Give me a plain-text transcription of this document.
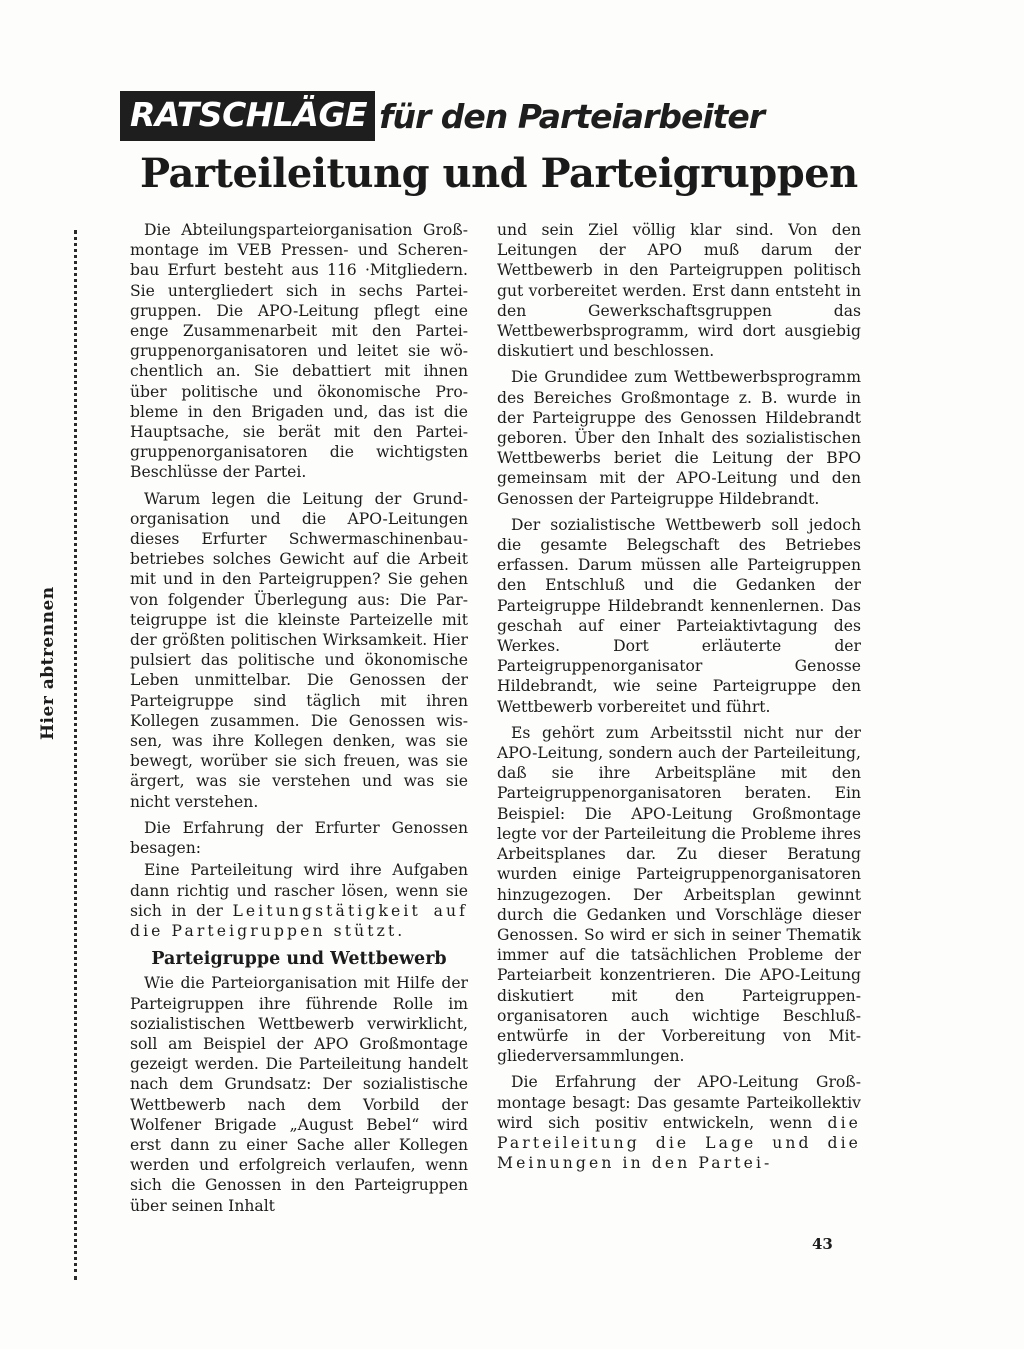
Hier abtrennen
RATSCHLÄGE für den Parteiarbeiter
Parteileitung und Parteigruppen

Die Abteilungsparteiorganisation Großmontage im VEB Pressen- und Scherenbau Erfurt besteht aus 116 ·Mitgliedern. Sie untergliedert sich in sechs Parteigruppen. Die APO-Leitung pflegt eine enge Zusammenarbeit mit den Parteigruppenorganisatoren und leitet sie wöchentlich an. Sie debattiert mit ihnen über politische und ökonomische Probleme in den Brigaden und, das ist die Hauptsache, sie berät mit den Parteigruppenorganisatoren die wichtigsten Beschlüsse der Partei.

Warum legen die Leitung der Grundorganisation und die APO-Leitungen dieses Erfurter Schwermaschinenbaubetriebes solches Gewicht auf die Arbeit mit und in den Parteigruppen? Sie gehen von folgender Überlegung aus: Die Parteigruppe ist die kleinste Parteizelle mit der größten politischen Wirksamkeit. Hier pulsiert das politische und ökonomische Leben unmittelbar. Die Genossen der Parteigruppe sind täglich mit ihren Kollegen zusammen. Die Genossen wissen, was ihre Kollegen denken, was sie bewegt, worüber sie sich freuen, was sie ärgert, was sie verstehen und was sie nicht verstehen.

Die Erfahrung der Erfurter Genossen besagen:

Eine Parteileitung wird ihre Aufgaben dann richtig und rascher lösen, wenn sie sich in der Leitungstätigkeit auf die Parteigruppen stützt.

Parteigruppe und Wettbewerb

Wie die Parteiorganisation mit Hilfe der Parteigruppen ihre führende Rolle im sozialistischen Wettbewerb verwirklicht, soll am Beispiel der APO Großmontage gezeigt werden. Die Parteileitung handelt nach dem Grundsatz: Der sozialistische Wettbewerb nach dem Vorbild der Wolfener Brigade „August Bebel“ wird erst dann zu einer Sache aller Kollegen werden und erfolgreich verlaufen, wenn sich die Genossen in den Parteigruppen über seinen Inhalt

und sein Ziel völlig klar sind. Von den Leitungen der APO muß darum der Wettbewerb in den Parteigruppen politisch gut vorbereitet werden. Erst dann entsteht in den Gewerkschaftsgruppen das Wettbewerbsprogramm, wird dort ausgiebig diskutiert und beschlossen.

Die Grundidee zum Wettbewerbsprogramm des Bereiches Großmontage z. B. wurde in der Parteigruppe des Genossen Hildebrandt geboren. Über den Inhalt des sozialistischen Wettbewerbs beriet die Leitung der BPO gemeinsam mit der APO-Leitung und den Genossen der Parteigruppe Hildebrandt.

Der sozialistische Wettbewerb soll jedoch die gesamte Belegschaft des Betriebes erfassen. Darum müssen alle Parteigruppen den Entschluß und die Gedanken der Parteigruppe Hildebrandt kennenlernen. Das geschah auf einer Parteiaktivtagung des Werkes. Dort erläuterte der Parteigruppenorganisator Genosse Hildebrandt, wie seine Parteigruppe den Wettbewerb vorbereitet und führt.

Es gehört zum Arbeitsstil nicht nur der APO-Leitung, sondern auch der Parteileitung, daß sie ihre Arbeitspläne mit den Parteigruppenorganisatoren beraten. Ein Beispiel: Die APO-Leitung Großmontage legte vor der Parteileitung die Probleme ihres Arbeitsplanes dar. Zu dieser Beratung wurden einige Parteigruppenorganisatoren hinzugezogen. Der Arbeitsplan gewinnt durch die Gedanken und Vorschläge dieser Genossen. So wird er sich in seiner Thematik immer auf die tatsächlichen Probleme der Parteiarbeit konzentrieren. Die APO-Leitung diskutiert mit den Parteigruppenorganisatoren auch wichtige Beschlußentwürfe in der Vorbereitung von Mitgliederversammlungen.

Die Erfahrung der APO-Leitung Großmontage besagt: Das gesamte Parteikollektiv wird sich positiv entwickeln, wenn die Parteileitung die Lage und die Meinungen in den Partei-

43
